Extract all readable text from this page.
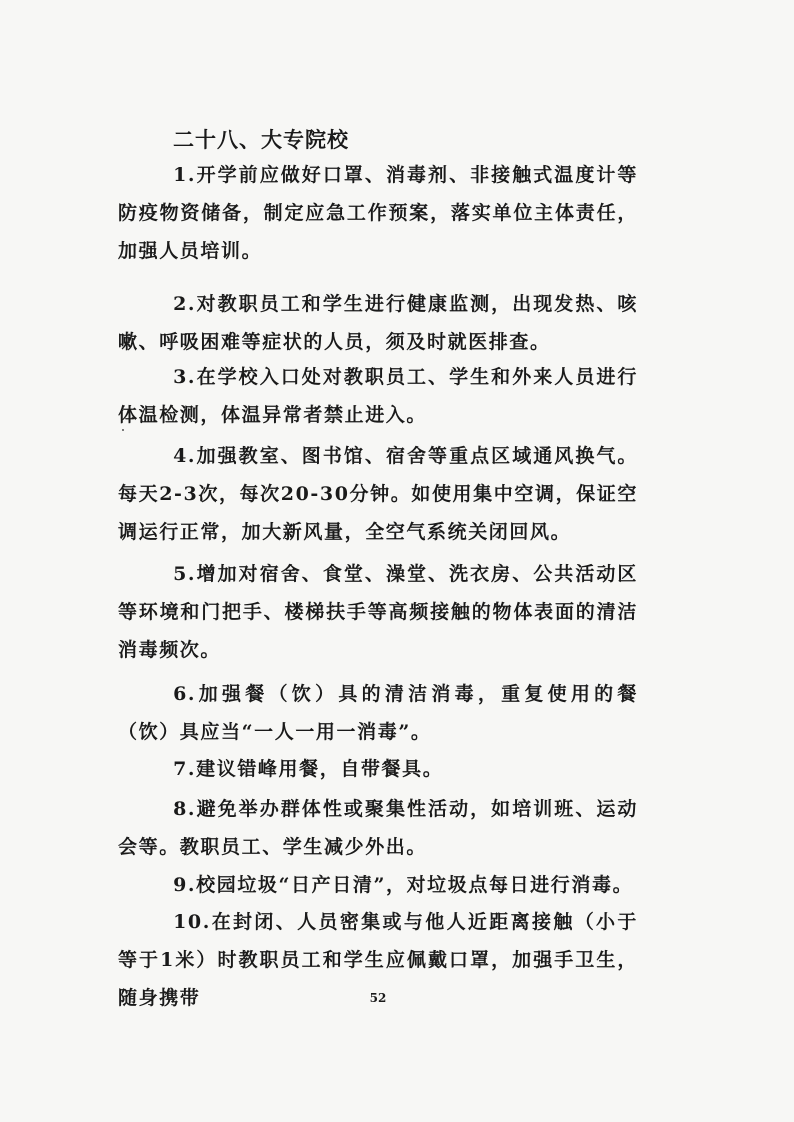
二十八、大专院校
1.开学前应做好口罩、消毒剂、非接触式温度计等防疫物资储备，制定应急工作预案，落实单位主体责任，加强人员培训。
2.对教职员工和学生进行健康监测，出现发热、咳嗽、呼吸困难等症状的人员，须及时就医排查。
3.在学校入口处对教职员工、学生和外来人员进行体温检测，体温异常者禁止进入。
4.加强教室、图书馆、宿舍等重点区域通风换气。每天2-3次，每次20-30分钟。如使用集中空调，保证空调运行正常，加大新风量，全空气系统关闭回风。
5.增加对宿舍、食堂、澡堂、洗衣房、公共活动区等环境和门把手、楼梯扶手等高频接触的物体表面的清洁消毒频次。
6.加强餐（饮）具的清洁消毒，重复使用的餐（饮）具应当“一人一用一消毒”。
7.建议错峰用餐，自带餐具。
8.避免举办群体性或聚集性活动，如培训班、运动会等。教职员工、学生减少外出。
9.校园垃圾“日产日清”，对垃圾点每日进行消毒。
10.在封闭、人员密集或与他人近距离接触（小于等于1米）时教职员工和学生应佩戴口罩，加强手卫生，随身携带	52
